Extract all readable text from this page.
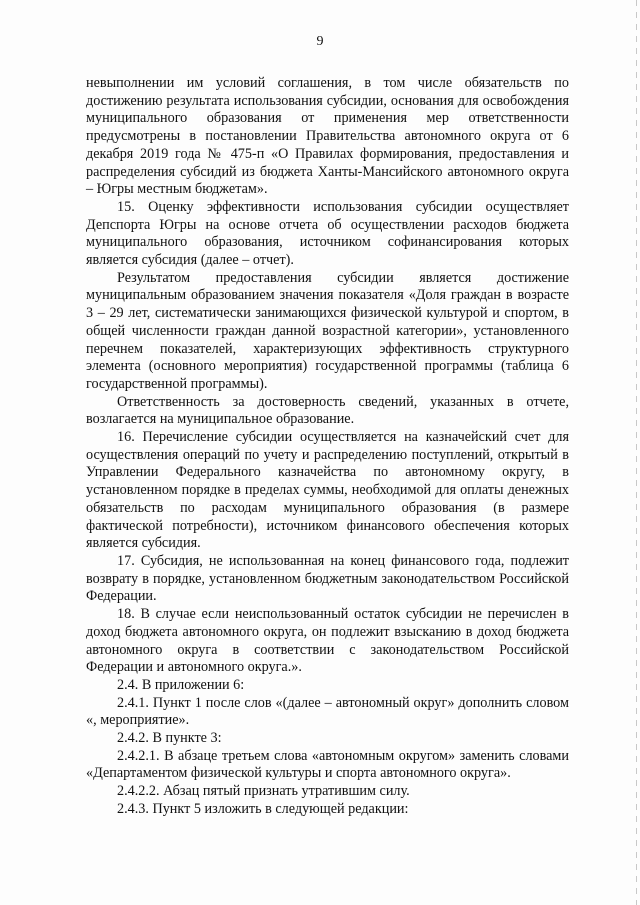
9

невыполнении им условий соглашения, в том числе обязательств по достижению результата использования субсидии, основания для освобождения муниципального образования от применения мер ответственности предусмотрены в постановлении Правительства автономного округа от 6 декабря 2019 года № 475-п «О Правилах формирования, предоставления и распределения субсидий из бюджета Ханты-Мансийского автономного округа – Югры местным бюджетам».

15. Оценку эффективности использования субсидии осуществляет Депспорта Югры на основе отчета об осуществлении расходов бюджета муниципального образования, источником софинансирования которых является субсидия (далее – отчет).

Результатом предоставления субсидии является достижение муниципальным образованием значения показателя «Доля граждан в возрасте 3 – 29 лет, систематически занимающихся физической культурой и спортом, в общей численности граждан данной возрастной категории», установленного перечнем показателей, характеризующих эффективность структурного элемента (основного мероприятия) государственной программы (таблица 6 государственной программы).

Ответственность за достоверность сведений, указанных в отчете, возлагается на муниципальное образование.

16. Перечисление субсидии осуществляется на казначейский счет для осуществления операций по учету и распределению поступлений, открытый в Управлении Федерального казначейства по автономному округу, в установленном порядке в пределах суммы, необходимой для оплаты денежных обязательств по расходам муниципального образования (в размере фактической потребности), источником финансового обеспечения которых является субсидия.

17. Субсидия, не использованная на конец финансового года, подлежит возврату в порядке, установленном бюджетным законодательством Российской Федерации.

18. В случае если неиспользованный остаток субсидии не перечислен в доход бюджета автономного округа, он подлежит взысканию в доход бюджета автономного округа в соответствии с законодательством Российской Федерации и автономного округа.».

2.4. В приложении 6:

2.4.1. Пункт 1 после слов «(далее – автономный округ» дополнить словом «, мероприятие».

2.4.2. В пункте 3:

2.4.2.1. В абзаце третьем слова «автономным округом» заменить словами «Департаментом физической культуры и спорта автономного округа».

2.4.2.2. Абзац пятый признать утратившим силу.

2.4.3. Пункт 5 изложить в следующей редакции:
